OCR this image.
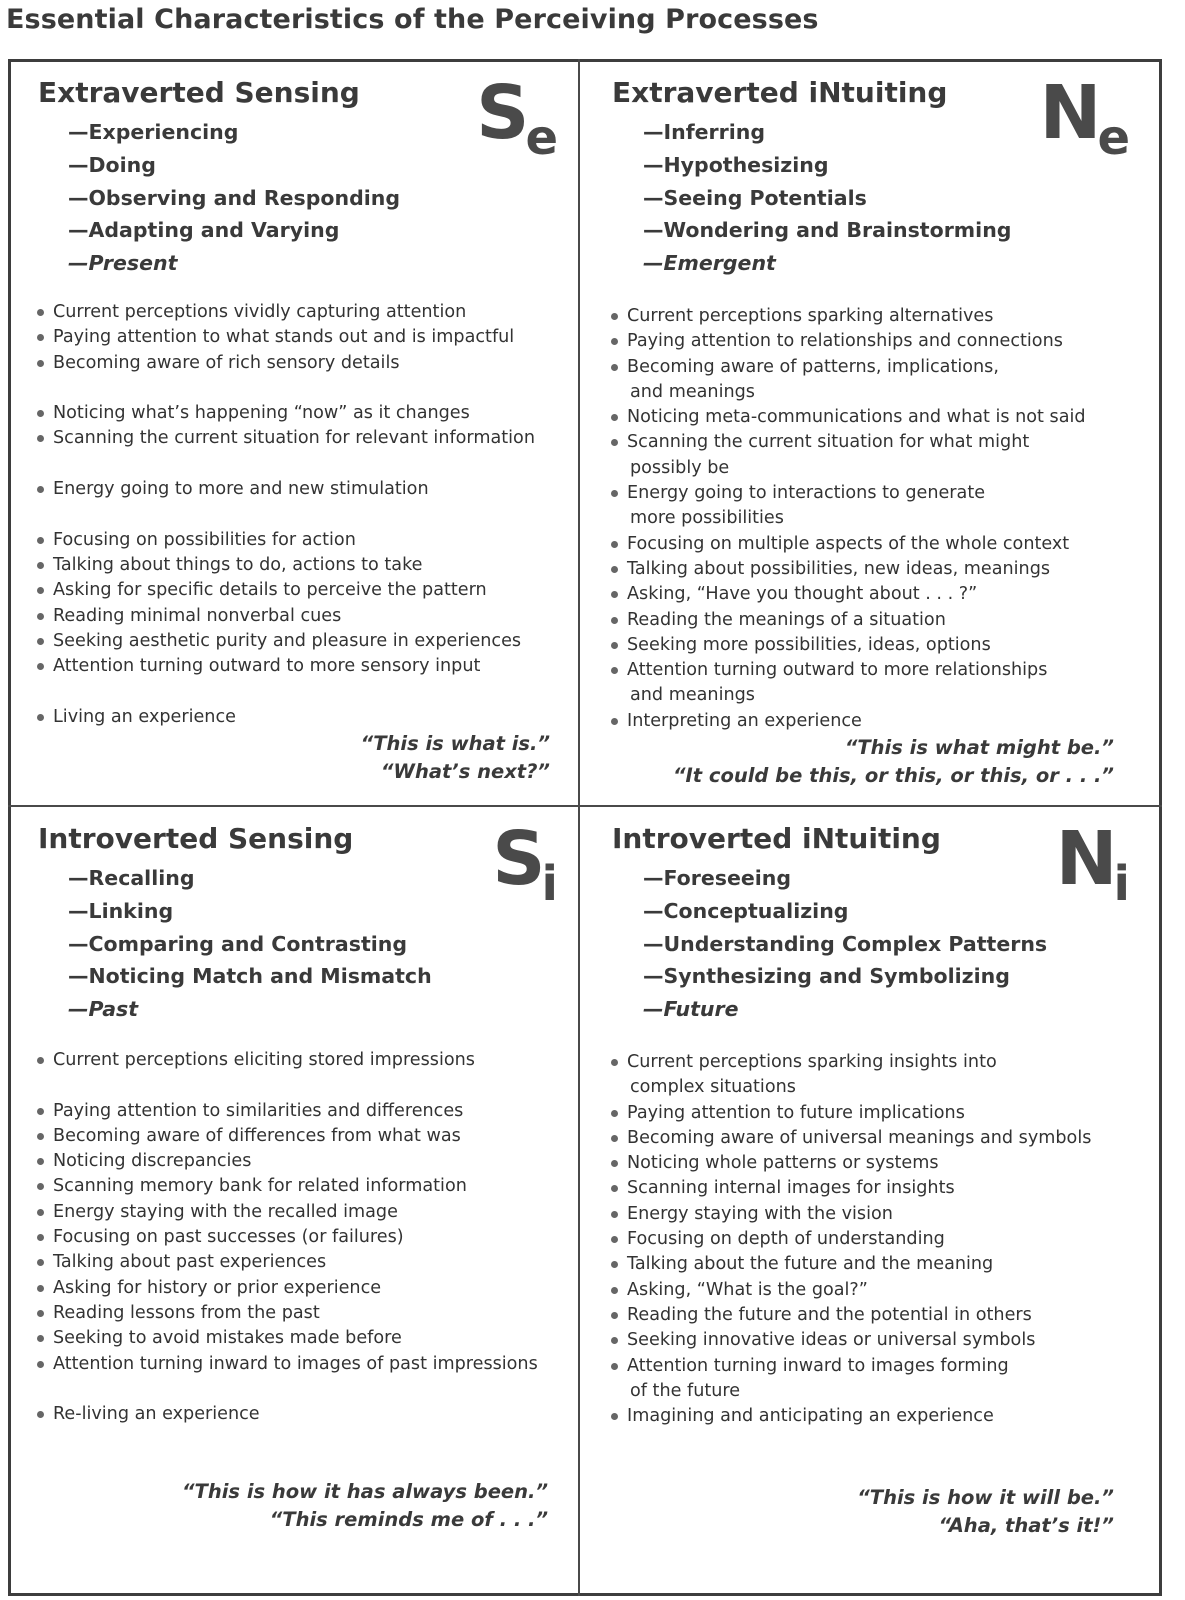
Essential Characteristics of the Perceiving Processes
Extraverted Sensing Se
—Experiencing
—Doing
—Observing and Responding
—Adapting and Varying
—Present
Current perceptions vividly capturing attention
Paying attention to what stands out and is impactful
Becoming aware of rich sensory details
Noticing what’s happening “now” as it changes
Scanning the current situation for relevant information
Energy going to more and new stimulation
Focusing on possibilities for action
Talking about things to do, actions to take
Asking for specific details to perceive the pattern
Reading minimal nonverbal cues
Seeking aesthetic purity and pleasure in experiences
Attention turning outward to more sensory input
Living an experience
“This is what is.”
“What’s next?”
Extraverted iNtuiting Ne
—Inferring
—Hypothesizing
—Seeing Potentials
—Wondering and Brainstorming
—Emergent
Current perceptions sparking alternatives
Paying attention to relationships and connections
Becoming aware of patterns, implications,
and meanings
Noticing meta-communications and what is not said
Scanning the current situation for what might
possibly be
Energy going to interactions to generate
more possibilities
Focusing on multiple aspects of the whole context
Talking about possibilities, new ideas, meanings
Asking, “Have you thought about . . . ?”
Reading the meanings of a situation
Seeking more possibilities, ideas, options
Attention turning outward to more relationships
and meanings
Interpreting an experience
“This is what might be.”
“It could be this, or this, or this, or . . .”
Introverted Sensing Si
—Recalling
—Linking
—Comparing and Contrasting
—Noticing Match and Mismatch
—Past
Current perceptions eliciting stored impressions
Paying attention to similarities and differences
Becoming aware of differences from what was
Noticing discrepancies
Scanning memory bank for related information
Energy staying with the recalled image
Focusing on past successes (or failures)
Talking about past experiences
Asking for history or prior experience
Reading lessons from the past
Seeking to avoid mistakes made before
Attention turning inward to images of past impressions
Re-living an experience
“This is how it has always been.”
“This reminds me of . . .”
Introverted iNtuiting Ni
—Foreseeing
—Conceptualizing
—Understanding Complex Patterns
—Synthesizing and Symbolizing
—Future
Current perceptions sparking insights into
complex situations
Paying attention to future implications
Becoming aware of universal meanings and symbols
Noticing whole patterns or systems
Scanning internal images for insights
Energy staying with the vision
Focusing on depth of understanding
Talking about the future and the meaning
Asking, “What is the goal?”
Reading the future and the potential in others
Seeking innovative ideas or universal symbols
Attention turning inward to images forming
of the future
Imagining and anticipating an experience
“This is how it will be.”
“Aha, that’s it!”
